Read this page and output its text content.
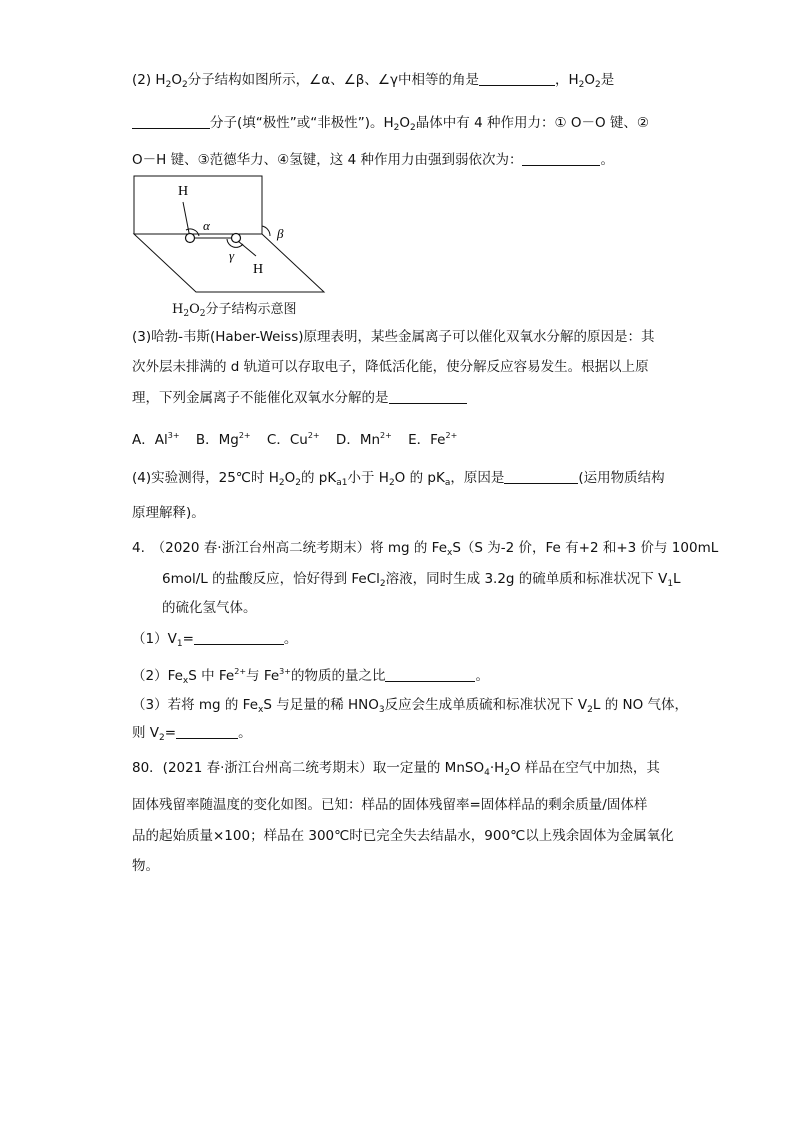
(2) $H_2O_2$分子结构如图所示，∠α、∠β、∠γ中相等的角是	，$H_2O_2$是
分子(填“极性”或“非极性”)。$H_2O_2$晶体中有 4 种作用力：① O－O 键、②
O－H 键、③范德华力、④氢键，这 4 种作用力由强到弱依次为：	。
H
H
α
β
γ
$H_2O_2$分子结构示意图
(3)哈勃-韦斯(Haber-Weiss)原理表明，某些金属离子可以催化双氧水分解的原因是：其
次外层未排满的 d 轨道可以存取电子，降低活化能，使分解反应容易发生。根据以上原
理，下列金属离子不能催化双氧水分解的是
A．$Al^{3+}$ B．$Mg^{2+}$ C．$Cu^{2+}$ D．$Mn^{2+}$ E．$Fe^{2+}$
(4)实验测得，25℃时 $H_2O_2$的 $pK_{a1}$小于 $H_2O$ 的 $pK_a$，原因是	(运用物质结构
原理解释)。
4.　（2020 春·浙江台州高二统考期末）将 mg 的 $Fe_xS(S$ 为-2 价，Fe 有+2 和+3 价与 100mL
6mol/L 的盐酸反应，恰好得到 FeCl$_2$溶液，同时生成 3.2g 的硫单质和标准状况下 $V_1L$
的硫化氢气体。
$(1)V_1=$	。
$(2)Fe_xS$ 中 $Fe^{2+}$与 $Fe^{3+}$的物质的量之比	。
（3）若将 mg 的 $Fe_xS$ 与足量的稀 $HNO_3$反应会生成单质硫和标准状况下 $V_2L$ 的 NO 气体，
则 $V_2=$	。
80．(2021 春·浙江台州高二统考期末）取一定量的 $MnSO_4\cdot H_2O$ 样品在空气中加热，其
固体残留率随温度的变化如图。已知：样品的固体残留率=固体样品的剩余质量/固体样
品的起始质量×100；样品在 300℃时已完全失去结晶水，900℃以上残余固体为金属氧化
物。
